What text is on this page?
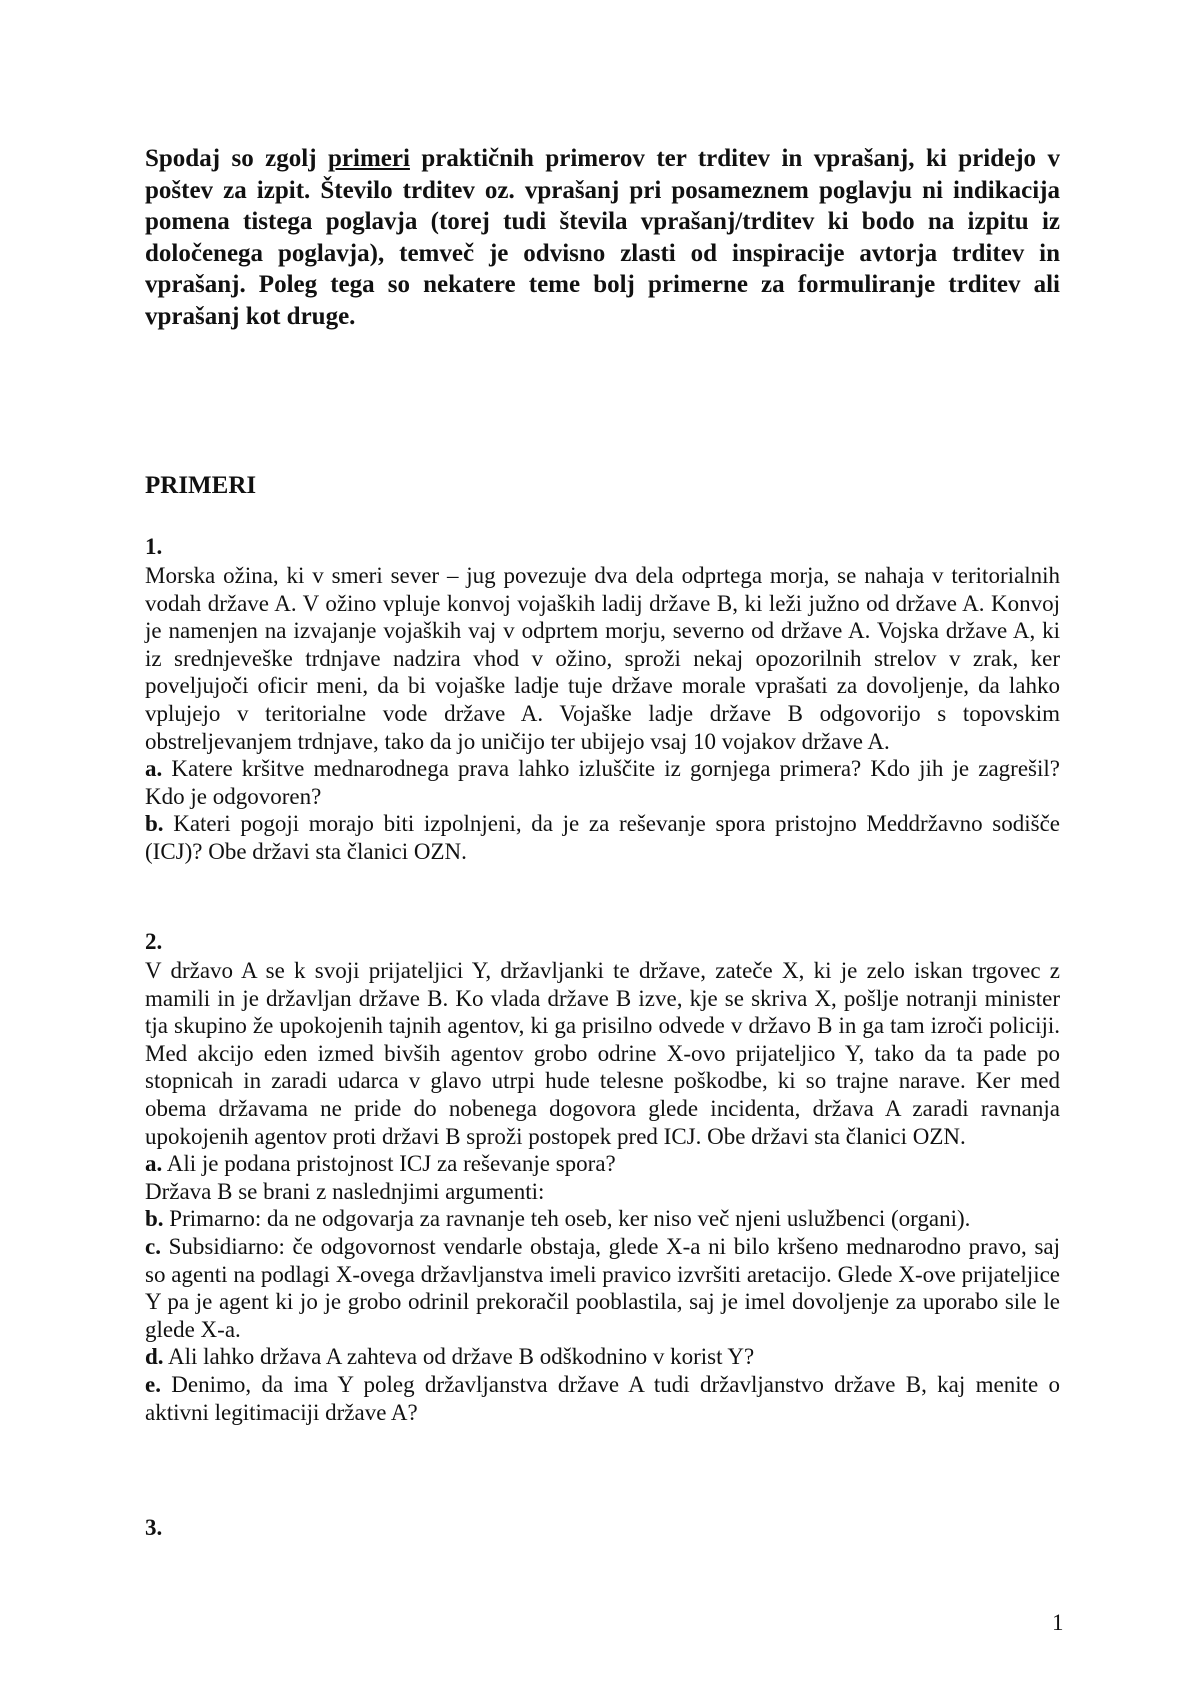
Spodaj so zgolj primeri praktičnih primerov ter trditev in vprašanj, ki pridejo v poštev za izpit. Število trditev oz. vprašanj pri posameznem poglavju ni indikacija pomena tistega poglavja (torej tudi števila vprašanj/trditev ki bodo na izpitu iz določenega poglavja), temveč je odvisno zlasti od inspiracije avtorja trditev in vprašanj. Poleg tega so nekatere teme bolj primerne za formuliranje trditev ali vprašanj kot druge.

PRIMERI

1.

Morska ožina, ki v smeri sever – jug povezuje dva dela odprtega morja, se nahaja v teritorialnih vodah države A. V ožino vpluje konvoj vojaških ladij države B, ki leži južno od države A. Konvoj je namenjen na izvajanje vojaških vaj v odprtem morju, severno od države A. Vojska države A, ki iz srednjeveške trdnjave nadzira vhod v ožino, sproži nekaj opozorilnih strelov v zrak, ker poveljujoči oficir meni, da bi vojaške ladje tuje države morale vprašati za dovoljenje, da lahko vplujejo v teritorialne vode države A. Vojaške ladje države B odgovorijo s topovskim obstreljevanjem trdnjave, tako da jo uničijo ter ubijejo vsaj 10 vojakov države A.

a. Katere kršitve mednarodnega prava lahko izluščite iz gornjega primera? Kdo jih je zagrešil? Kdo je odgovoren?

b. Kateri pogoji morajo biti izpolnjeni, da je za reševanje spora pristojno Meddržavno sodišče (ICJ)? Obe državi sta članici OZN.

2.

V državo A se k svoji prijateljici Y, državljanki te države, zateče X, ki je zelo iskan trgovec z mamili in je državljan države B. Ko vlada države B izve, kje se skriva X, pošlje notranji minister tja skupino že upokojenih tajnih agentov, ki ga prisilno odvede v državo B in ga tam izroči policiji. Med akcijo eden izmed bivših agentov grobo odrine X-ovo prijateljico Y, tako da ta pade po stopnicah in zaradi udarca v glavo utrpi hude telesne poškodbe, ki so trajne narave. Ker med obema državama ne pride do nobenega dogovora glede incidenta, država A zaradi ravnanja upokojenih agentov proti državi B sproži postopek pred ICJ. Obe državi sta članici OZN.

a. Ali je podana pristojnost ICJ za reševanje spora?

Država B se brani z naslednjimi argumenti:

b. Primarno: da ne odgovarja za ravnanje teh oseb, ker niso več njeni uslužbenci (organi).

c. Subsidiarno: če odgovornost vendarle obstaja, glede X-a ni bilo kršeno mednarodno pravo, saj so agenti na podlagi X-ovega državljanstva imeli pravico izvršiti aretacijo. Glede X-ove prijateljice Y pa je agent ki jo je grobo odrinil prekoračil pooblastila, saj je imel dovoljenje za uporabo sile le glede X-a.

d. Ali lahko država A zahteva od države B odškodnino v korist Y?

e. Denimo, da ima Y poleg državljanstva države A tudi državljanstvo države B, kaj menite o aktivni legitimaciji države A?

3.

1
